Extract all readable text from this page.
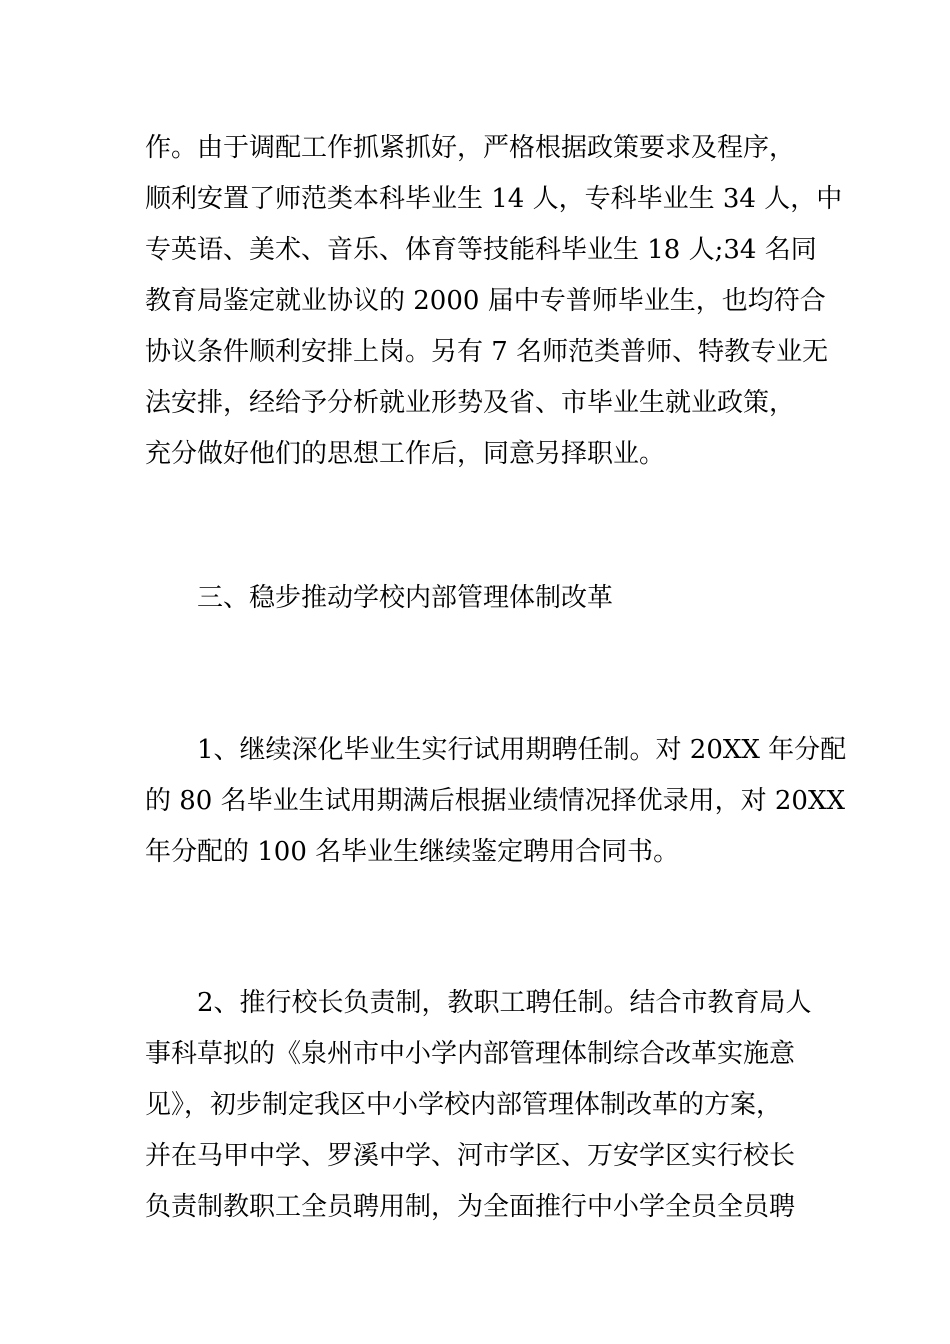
作。由于调配工作抓紧抓好，严格根据政策要求及程序，
顺利安置了师范类本科毕业生 14 人，专科毕业生 34 人，中
专英语、美术、音乐、体育等技能科毕业生 18 人;34 名同
教育局鉴定就业协议的 2000 届中专普师毕业生，也均符合
协议条件顺利安排上岗。另有 7 名师范类普师、特教专业无
法安排，经给予分析就业形势及省、市毕业生就业政策，
充分做好他们的思想工作后，同意另择职业。
三、稳步推动学校内部管理体制改革
1、继续深化毕业生实行试用期聘任制。对 20XX 年分配
的 80 名毕业生试用期满后根据业绩情况择优录用，对 20XX
年分配的 100 名毕业生继续鉴定聘用合同书。
2、推行校长负责制，教职工聘任制。结合市教育局人
事科草拟的《泉州市中小学内部管理体制综合改革实施意
见》，初步制定我区中小学校内部管理体制改革的方案，
并在马甲中学、罗溪中学、河市学区、万安学区实行校长
负责制教职工全员聘用制，为全面推行中小学全员全员聘
